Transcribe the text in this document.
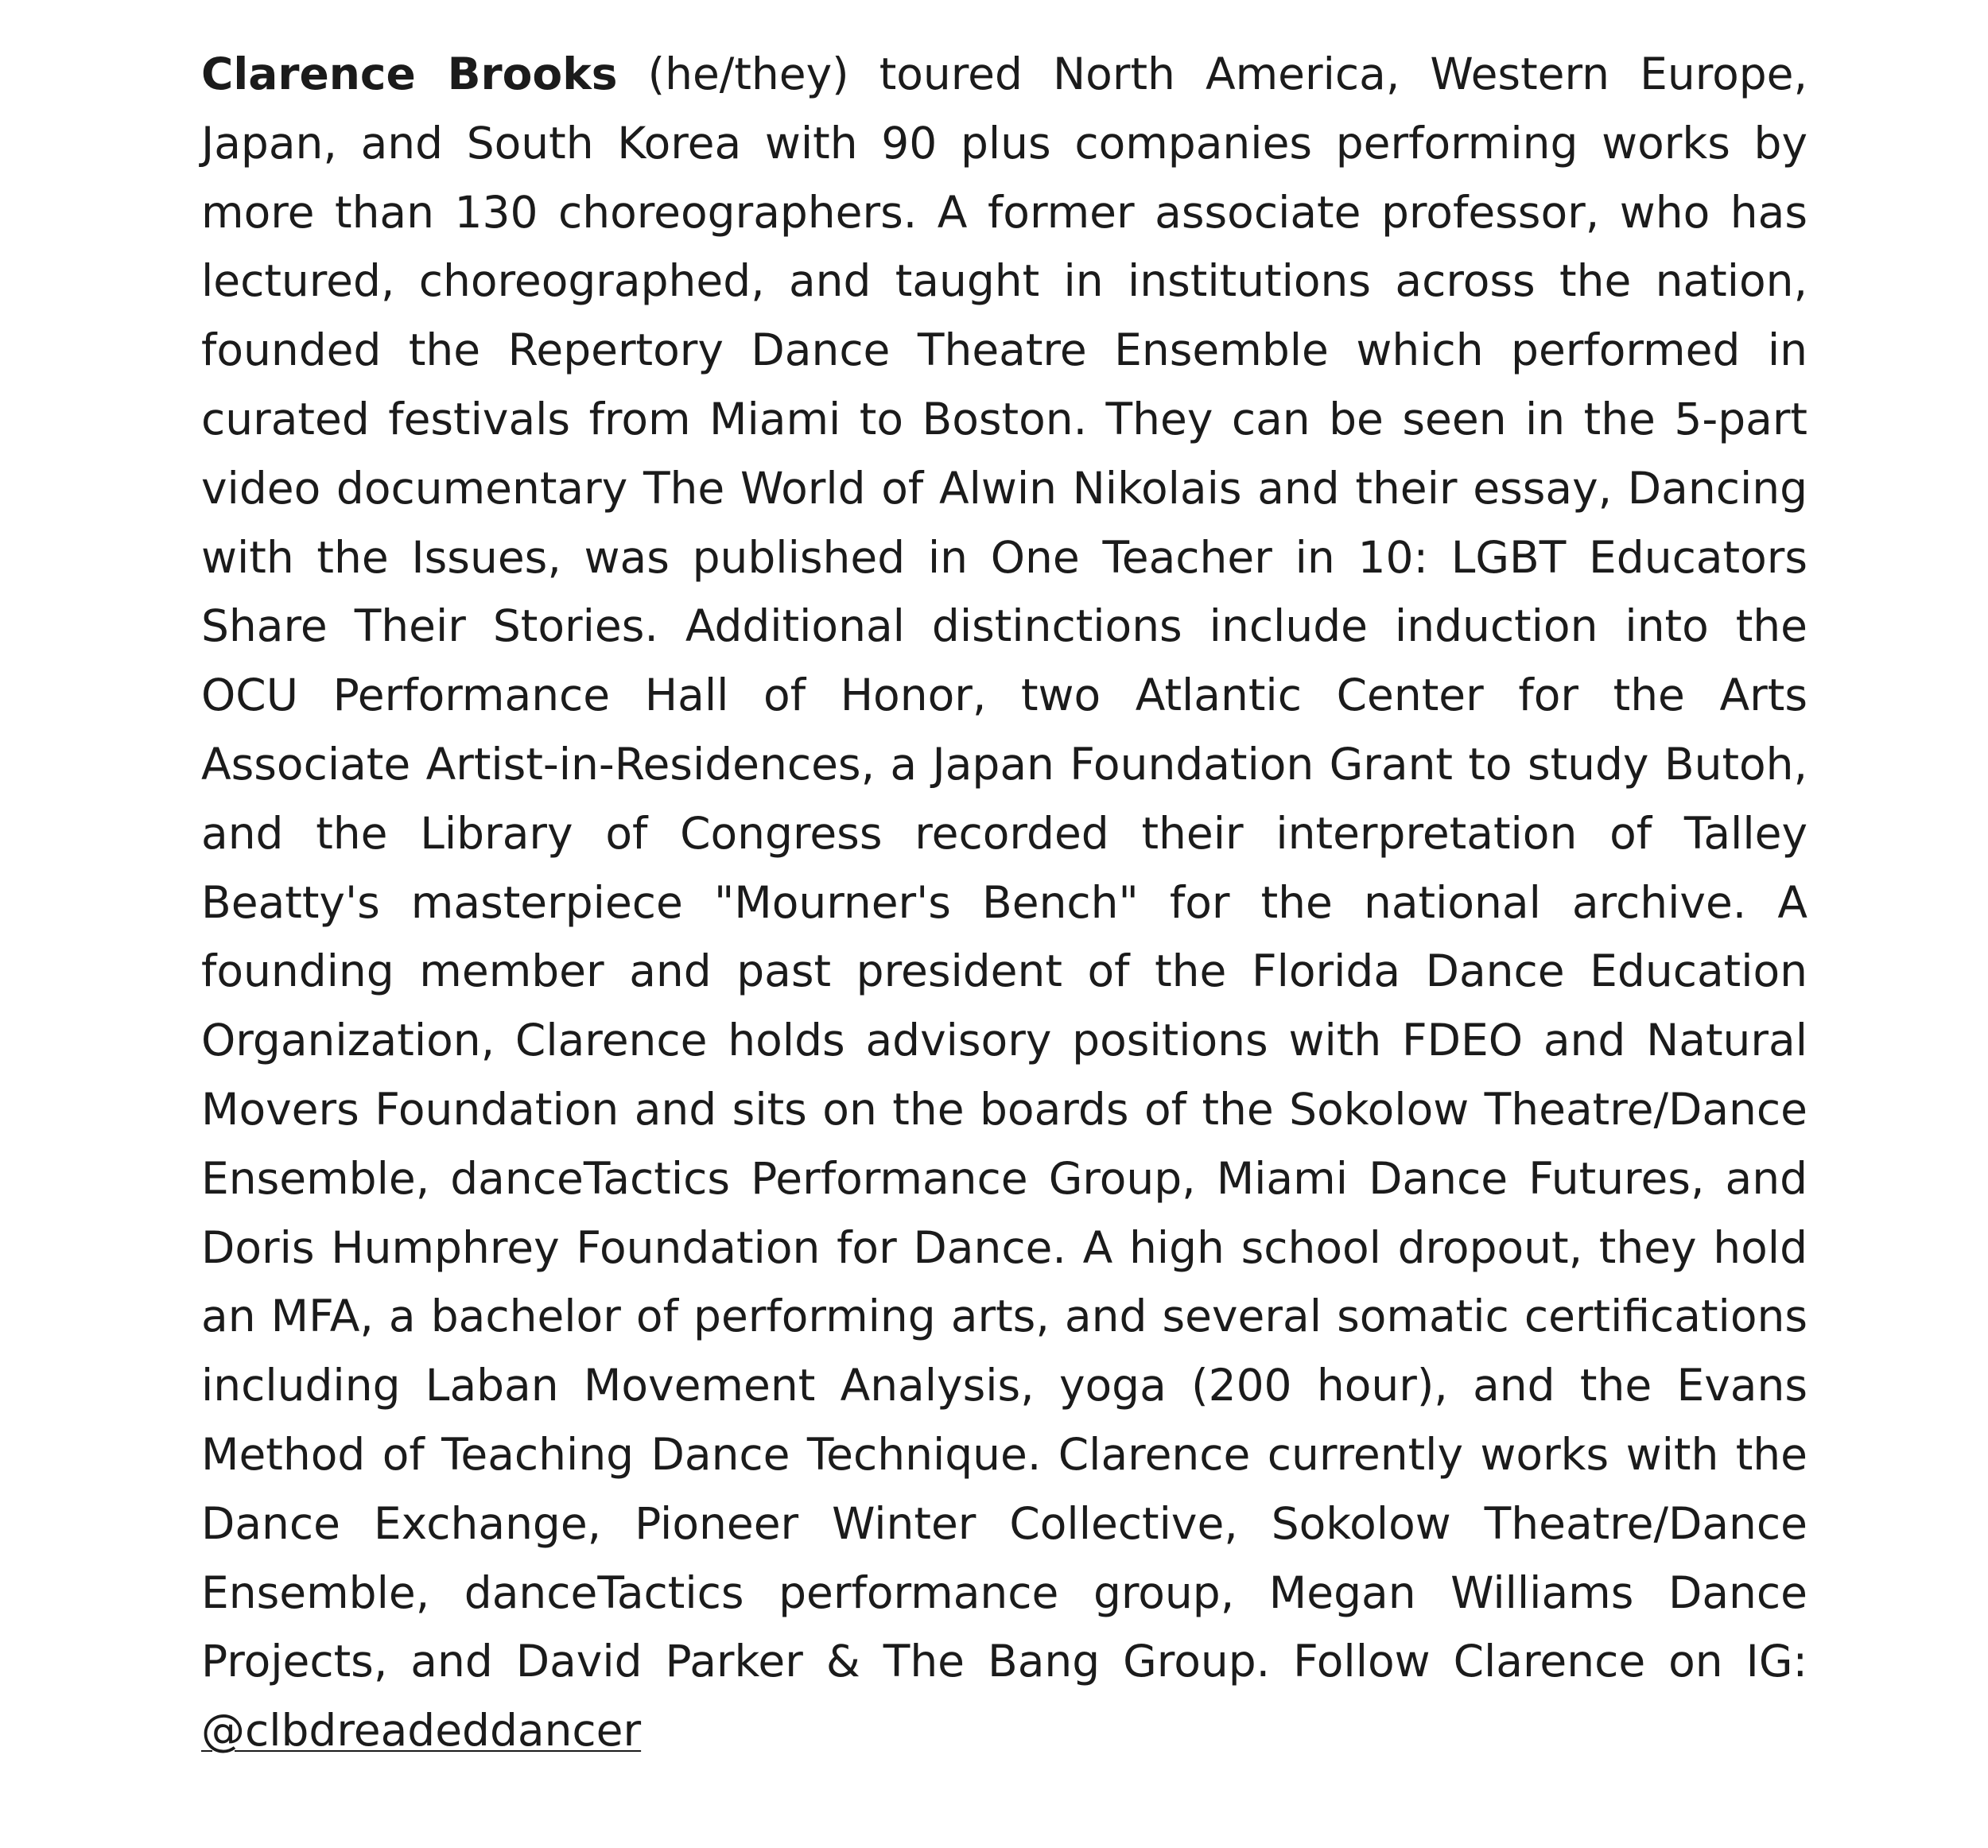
Clarence Brooks (he/they) toured North America, Western Europe, Japan, and South Korea with 90 plus companies performing works by more than 130 choreographers. A former associate professor, who has lectured, choreographed, and taught in institutions across the nation, founded the Repertory Dance Theatre Ensemble which performed in curated festivals from Miami to Boston. They can be seen in the 5-part video documentary The World of Alwin Nikolais and their essay, Dancing with the Issues, was published in One Teacher in 10: LGBT Educators Share Their Stories. Additional distinctions include induction into the OCU Performance Hall of Honor, two Atlantic Center for the Arts Associate Artist-in-Residences, a Japan Foundation Grant to study Butoh, and the Library of Congress recorded their interpretation of Talley Beatty's masterpiece "Mourner's Bench" for the national archive. A founding member and past president of the Florida Dance Education Organization, Clarence holds advisory positions with FDEO and Natural Movers Foundation and sits on the boards of the Sokolow Theatre/Dance Ensemble, danceTactics Performance Group, Miami Dance Futures, and Doris Humphrey Foundation for Dance. A high school dropout, they hold an MFA, a bachelor of performing arts, and several somatic certifications including Laban Movement Analysis, yoga (200 hour), and the Evans Method of Teaching Dance Technique. Clarence currently works with the Dance Exchange, Pioneer Winter Collective, Sokolow Theatre/Dance Ensemble, danceTactics performance group, Megan Williams Dance Projects, and David Parker & The Bang Group. Follow Clarence on IG: @clbdreadeddancer
